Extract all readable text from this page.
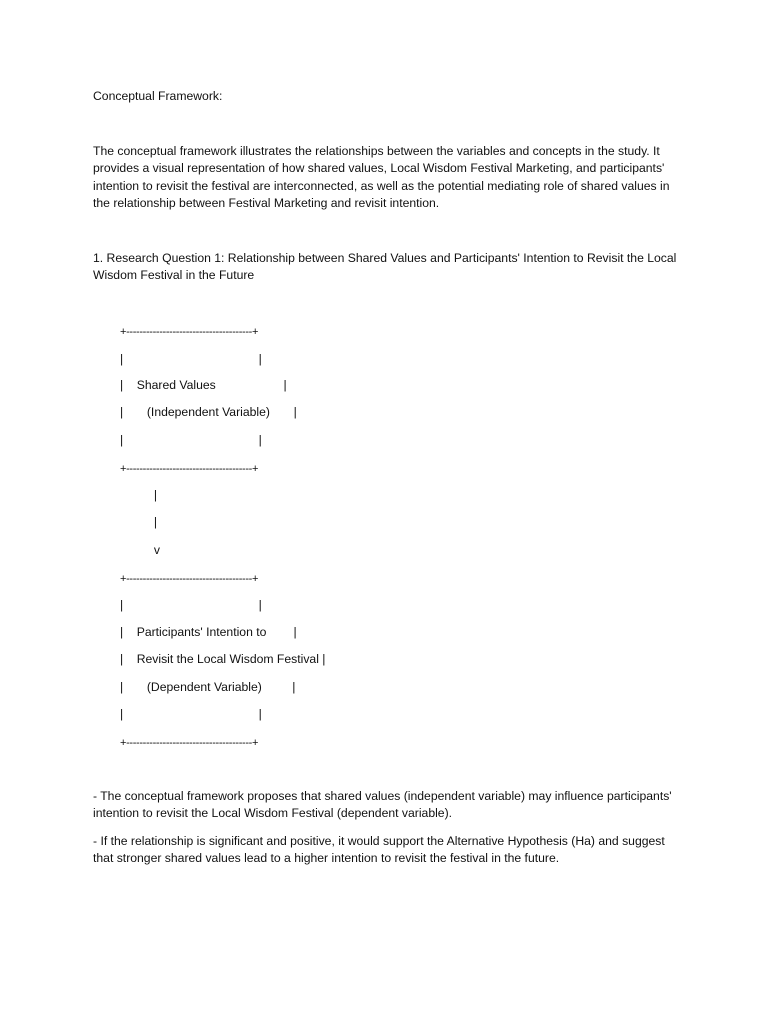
Conceptual Framework:
The conceptual framework illustrates the relationships between the variables and concepts in the study. It provides a visual representation of how shared values, Local Wisdom Festival Marketing, and participants' intention to revisit the festival are interconnected, as well as the potential mediating role of shared values in the relationship between Festival Marketing and revisit intention.
1. Research Question 1: Relationship between Shared Values and Participants' Intention to Revisit the Local Wisdom Festival in the Future
+--------------------------------------+
|                                        |
|    Shared Values                    |
|       (Independent Variable)       |
|                                        |
+--------------------------------------+
|
|
v
+--------------------------------------+
|                                        |
|    Participants' Intention to        |
|    Revisit the Local Wisdom Festival |
|       (Dependent Variable)         |
|                                        |
+--------------------------------------+
- The conceptual framework proposes that shared values (independent variable) may influence participants' intention to revisit the Local Wisdom Festival (dependent variable).
- If the relationship is significant and positive, it would support the Alternative Hypothesis (Ha) and suggest that stronger shared values lead to a higher intention to revisit the festival in the future.
